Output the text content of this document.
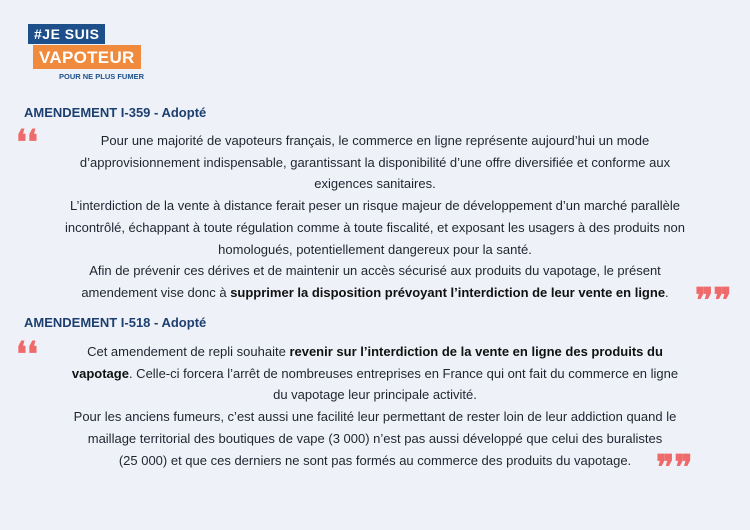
#JE SUIS
VAPOTEUR
POUR NE PLUS FUMER
AMENDEMENT I-359 - Adopté
❛❛	Pour une majorité de vapoteurs français, le commerce en ligne représente aujourd’hui un mode
d’approvisionnement indispensable, garantissant la disponibilité d’une offre diversifiée et conforme aux
exigences sanitaires.
L’interdiction de la vente à distance ferait peser un risque majeur de développement d’un marché parallèle
incontrôlé, échappant à toute régulation comme à toute fiscalité, et exposant les usagers à des produits non
homologués, potentiellement dangereux pour la santé.
Afin de prévenir ces dérives et de maintenir un accès sécurisé aux produits du vapotage, le présent
amendement vise donc à supprimer la disposition prévoyant l’interdiction de leur vente en ligne. ❞❞
AMENDEMENT I-518 - Adopté
❛❛	Cet amendement de repli souhaite revenir sur l’interdiction de la vente en ligne des produits du
vapotage. Celle-ci forcera l’arrêt de nombreuses entreprises en France qui ont fait du commerce en ligne
du vapotage leur principale activité.
Pour les anciens fumeurs, c’est aussi une facilité leur permettant de rester loin de leur addiction quand le
maillage territorial des boutiques de vape (3 000) n’est pas aussi développé que celui des buralistes
(25 000) et que ces derniers ne sont pas formés au commerce des produits du vapotage. ❞❞
